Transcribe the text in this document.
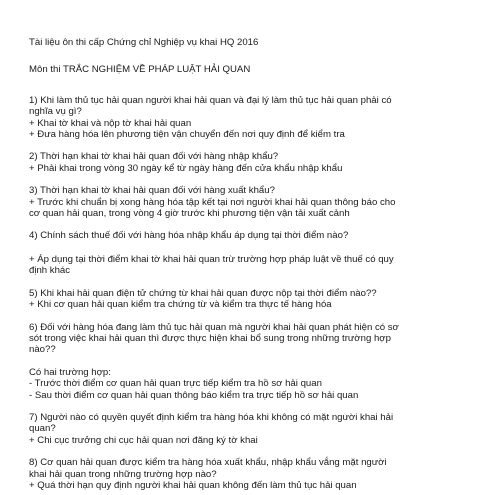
Tài liệu ôn thi cấp Chứng chỉ Nghiệp vụ khai HQ 2016
Môn thi TRẮC NGHIỆM VỀ PHÁP LUẬT HẢI QUAN
1) Khi làm thủ tục hải quan người khai hải quan và đại lý làm thủ tục hải quan phải có
nghĩa vụ gì?
+ Khai tờ khai và nộp tờ khai hải quan
+ Đưa hàng hóa lên phương tiện vận chuyển đến nơi quy định để kiểm tra
2) Thời hạn khai tờ khai hải quan đối với hàng nhập khẩu?
+ Phải khai trong vòng 30 ngày kể từ ngày hàng đến cửa khẩu nhập khẩu
3) Thời hạn khai tờ khai hải quan đối với hàng xuất khẩu?
+ Trước khi chuẩn bị xong hàng hóa tập kết tại nơi người khai hải quan thông báo cho
cơ quan hải quan, trong vòng 4 giờ trước khi phương tiện vận tải xuất cảnh
4) Chính sách thuế đối với hàng hóa nhập khẩu áp dụng tại thời điểm nào?
+ Áp dụng tại thời điểm khai tờ khai hải quan trừ trường hợp pháp luật về thuế có quy
định khác
5) Khi khai hải quan điện tử chứng từ khai hải quan được nộp tại thời điểm nào??
+ Khi cơ quan hải quan kiểm tra chứng từ và kiểm tra thực tế hàng hóa
6) Đối với hàng hóa đang làm thủ tục hải quan mà người khai hải quan phát hiện có sơ
sót trong việc khai hải quan thì được thực hiện khai bổ sung trong những trường hợp
nào??
Có hai trường hợp:
- Trước thời điểm cơ quan hải quan trực tiếp kiểm tra hồ sơ hải quan
- Sau thời điểm cơ quan hải quan thông báo kiểm tra trực tiếp hồ sơ hải quan
7) Người nào có quyền quyết định kiểm tra hàng hóa khi không có mặt người khai hải
quan?
+ Chi cục trưởng chi cục hải quan nơi đăng ký tờ khai
8) Cơ quan hải quan được kiểm tra hàng hóa xuất khẩu, nhập khẩu vắng mặt người
khai hải quan trong những trường hợp nào?
+ Quá thời hạn quy định người khai hải quan không đến làm thủ tục hải quan
